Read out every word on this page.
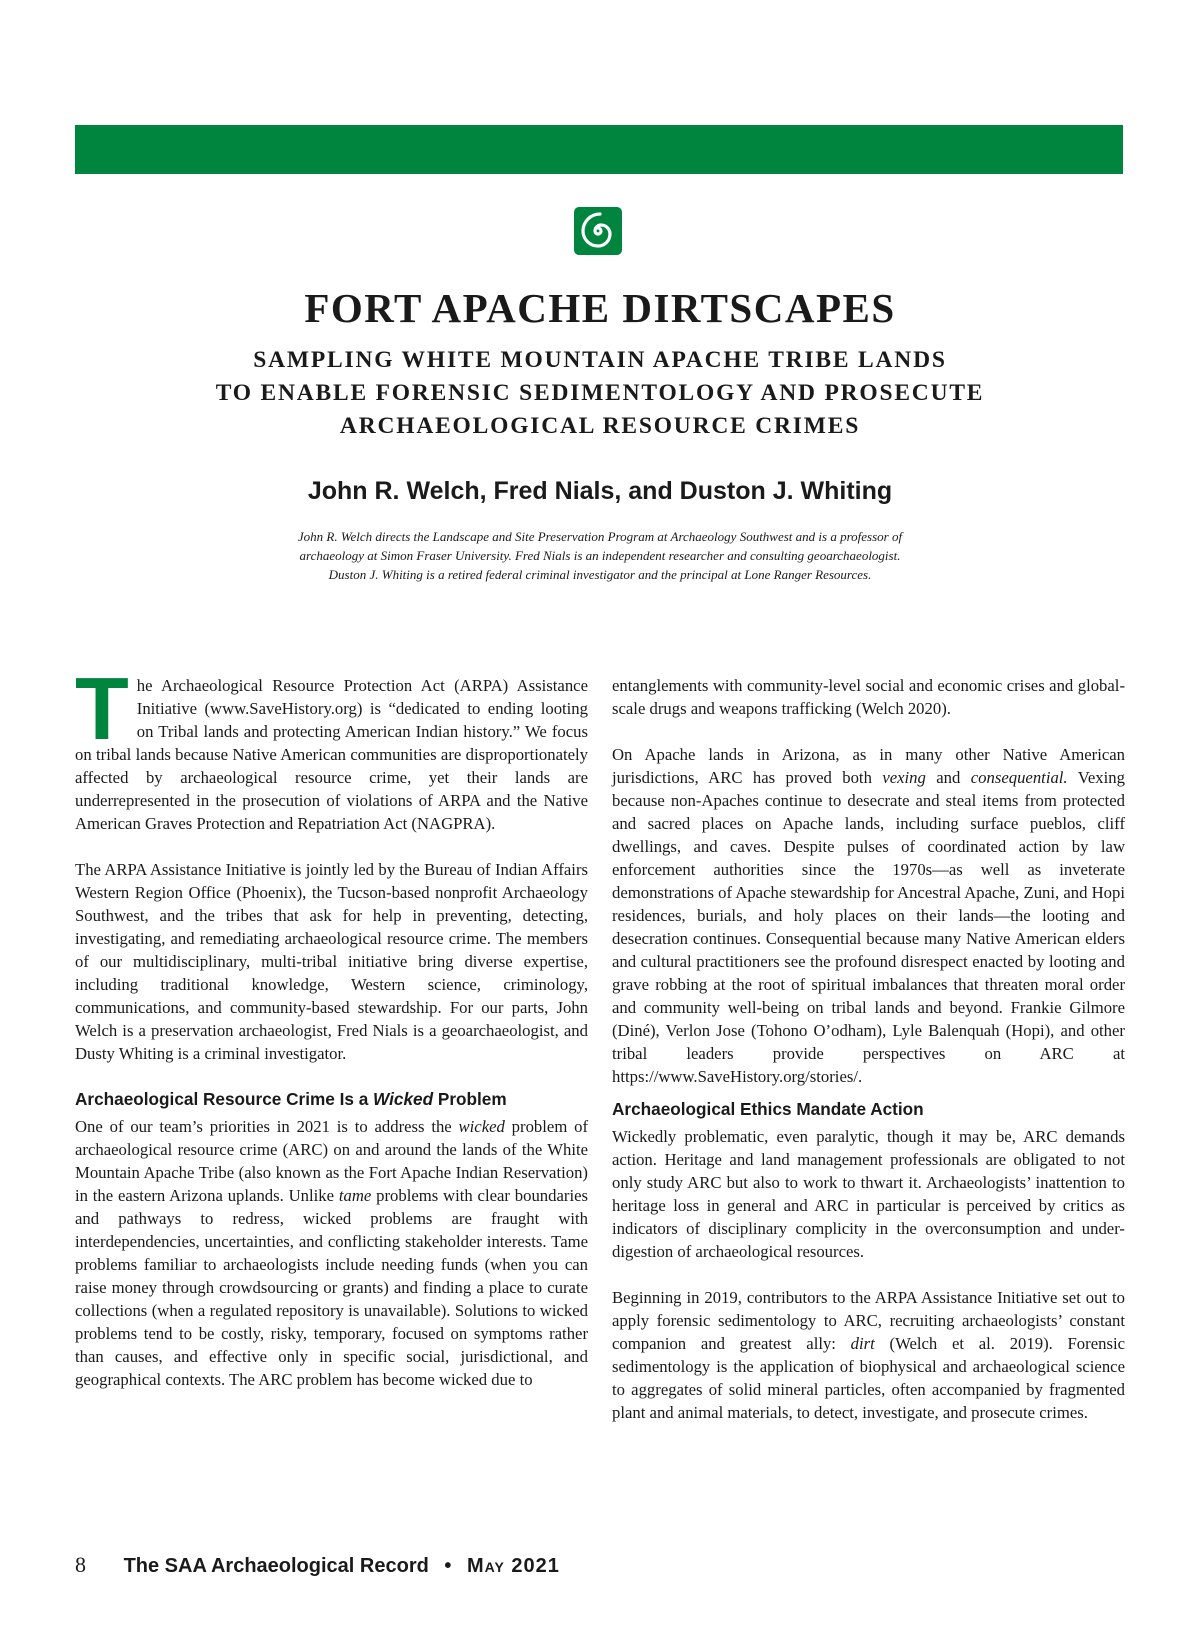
FORT APACHE DIRTSCAPES
SAMPLING WHITE MOUNTAIN APACHE TRIBE LANDS
TO ENABLE FORENSIC SEDIMENTOLOGY AND PROSECUTE
ARCHAEOLOGICAL RESOURCE CRIMES
John R. Welch, Fred Nials, and Duston J. Whiting
John R. Welch directs the Landscape and Site Preservation Program at Archaeology Southwest and is a professor of
archaeology at Simon Fraser University. Fred Nials is an independent researcher and consulting geoarchaeologist.
Duston J. Whiting is a retired federal criminal investigator and the principal at Lone Ranger Resources.

The Archaeological Resource Protection Act (ARPA) Assistance Initiative (www.SaveHistory.org) is “dedicated to ending looting on Tribal lands and protecting American Indian history.” We focus on tribal lands because Native American communities are disproportionately affected by archaeological resource crime, yet their lands are underrepresented in the prosecution of violations of ARPA and the Native American Graves Protection and Repatriation Act (NAGPRA).

The ARPA Assistance Initiative is jointly led by the Bureau of Indian Affairs Western Region Office (Phoenix), the Tucson-based nonprofit Archaeology Southwest, and the tribes that ask for help in preventing, detecting, investigating, and remediating archaeological resource crime. The members of our multidisciplinary, multi-tribal initiative bring diverse expertise, including traditional knowledge, Western science, criminology, communications, and community-based stewardship. For our parts, John Welch is a preservation archaeologist, Fred Nials is a geoarchaeologist, and Dusty Whiting is a criminal investigator.

Archaeological Resource Crime Is a Wicked Problem

One of our team’s priorities in 2021 is to address the wicked problem of archaeological resource crime (ARC) on and around the lands of the White Mountain Apache Tribe (also known as the Fort Apache Indian Reservation) in the eastern Arizona uplands. Unlike tame problems with clear boundaries and pathways to redress, wicked problems are fraught with interdependencies, uncertainties, and conflicting stakeholder interests. Tame problems familiar to archaeologists include needing funds (when you can raise money through crowdsourcing or grants) and finding a place to curate collections (when a regulated repository is unavailable). Solutions to wicked problems tend to be costly, risky, temporary, focused on symptoms rather than causes, and effective only in specific social, jurisdictional, and geographical contexts. The ARC problem has become wicked due to

entanglements with community-level social and economic crises and global-scale drugs and weapons trafficking (Welch 2020).

On Apache lands in Arizona, as in many other Native American jurisdictions, ARC has proved both vexing and consequential. Vexing because non-Apaches continue to desecrate and steal items from protected and sacred places on Apache lands, including surface pueblos, cliff dwellings, and caves. Despite pulses of coordinated action by law enforcement authorities since the 1970s—as well as inveterate demonstrations of Apache stewardship for Ancestral Apache, Zuni, and Hopi residences, burials, and holy places on their lands—the looting and desecration continues. Consequential because many Native American elders and cultural practitioners see the profound disrespect enacted by looting and grave robbing at the root of spiritual imbalances that threaten moral order and community well-being on tribal lands and beyond. Frankie Gilmore (Diné), Verlon Jose (Tohono O’odham), Lyle Balenquah (Hopi), and other tribal leaders provide perspectives on ARC at https://www.SaveHistory.org/stories/.

Archaeological Ethics Mandate Action

Wickedly problematic, even paralytic, though it may be, ARC demands action. Heritage and land management professionals are obligated to not only study ARC but also to work to thwart it. Archaeologists’ inattention to heritage loss in general and ARC in particular is perceived by critics as indicators of disciplinary complicity in the overconsumption and under-digestion of archaeological resources.

Beginning in 2019, contributors to the ARPA Assistance Initiative set out to apply forensic sedimentology to ARC, recruiting archaeologists’ constant companion and greatest ally: dirt (Welch et al. 2019). Forensic sedimentology is the application of biophysical and archaeological science to aggregates of solid mineral particles, often accompanied by fragmented plant and animal materials, to detect, investigate, and prosecute crimes.

8 The SAA Archaeological Record • May 2021
